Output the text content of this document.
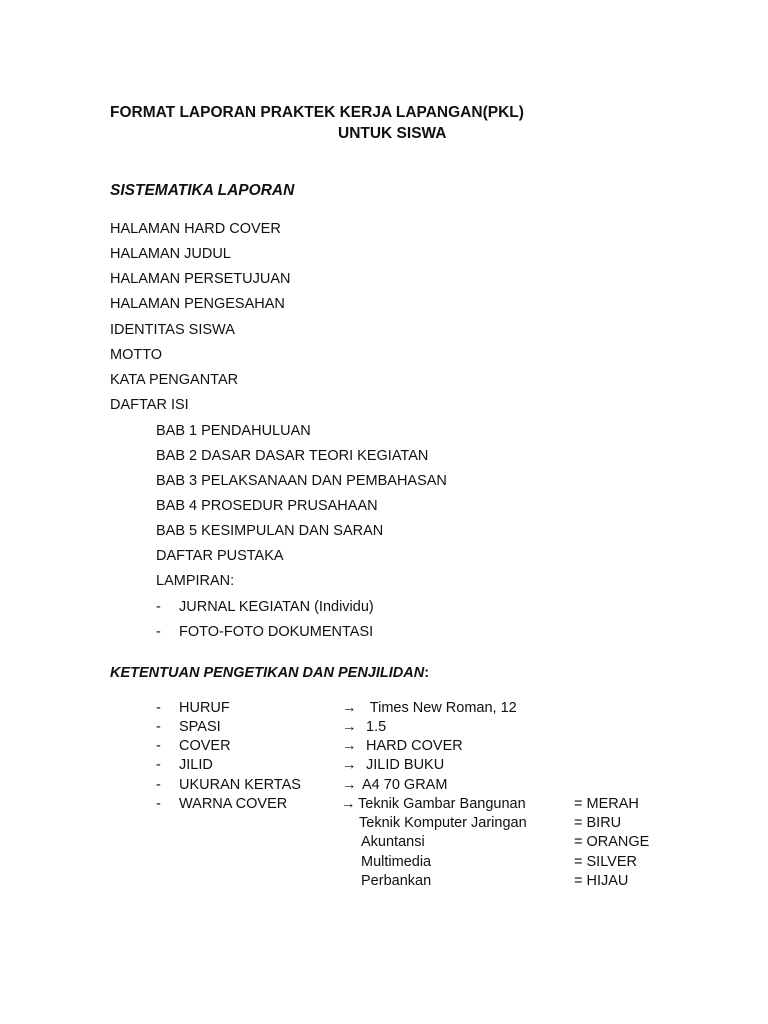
FORMAT LAPORAN PRAKTEK KERJA LAPANGAN(PKL)
UNTUK SISWA
SISTEMATIKA LAPORAN
HALAMAN HARD COVER
HALAMAN JUDUL
HALAMAN PERSETUJUAN
HALAMAN PENGESAHAN
IDENTITAS SISWA
MOTTO
KATA PENGANTAR
DAFTAR ISI
BAB 1 PENDAHULUAN
BAB 2 DASAR DASAR TEORI KEGIATAN
BAB 3 PELAKSANAAN DAN PEMBAHASAN
BAB 4 PROSEDUR PRUSAHAAN
BAB 5 KESIMPULAN DAN SARAN
DAFTAR PUSTAKA
LAMPIRAN:
- JURNAL KEGIATAN (Individu)
- FOTO-FOTO DOKUMENTASI
KETENTUAN PENGETIKAN DAN PENJILIDAN:
- HURUF	→ Times New Roman, 12
- SPASI	→ 1.5
- COVER	→ HARD COVER
- JILID	→ JILID BUKU
- UKURAN KERTAS	→ A4 70 GRAM
- WARNA COVER	→ Teknik Gambar Bangunan	= MERAH
Teknik Komputer Jaringan	= BIRU
Akuntansi	= ORANGE
Multimedia	= SILVER
Perbankan	= HIJAU
